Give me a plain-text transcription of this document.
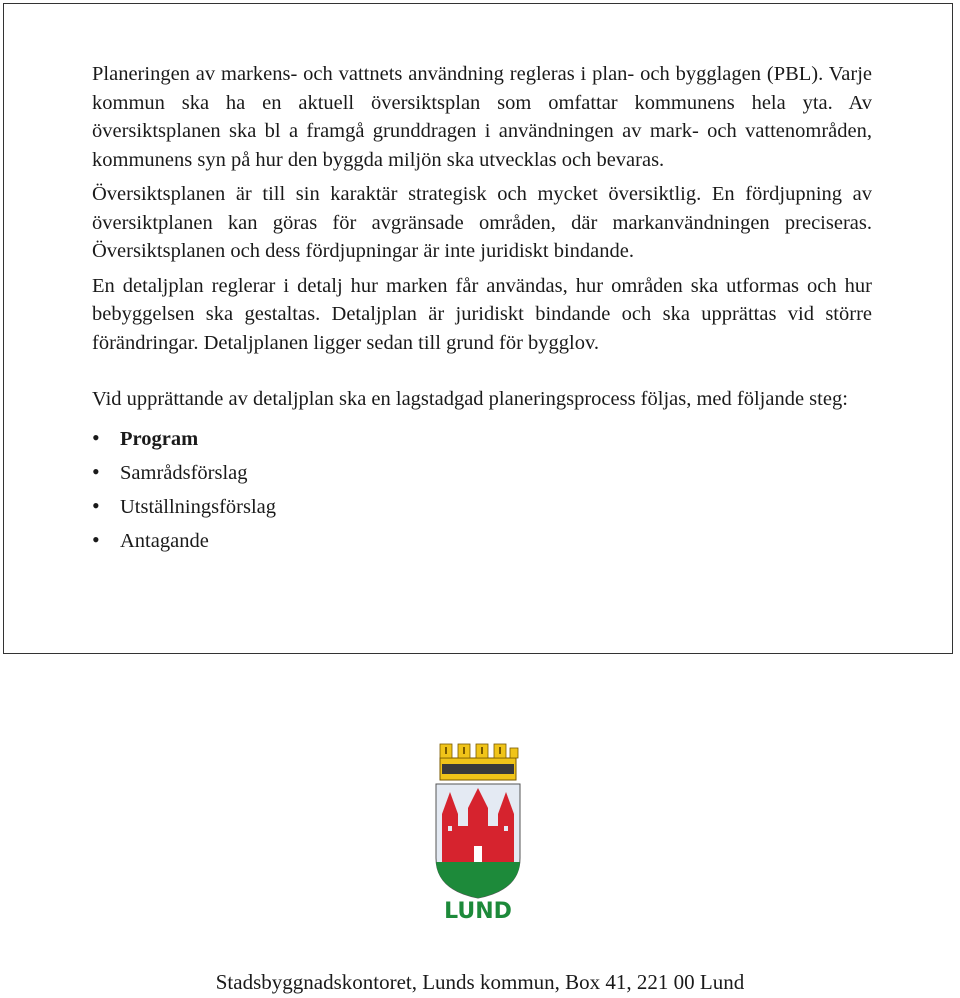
Planeringen av markens- och vattnets användning regleras i plan- och bygglagen (PBL). Varje kommun ska ha en aktuell översiktsplan som omfattar kommunens hela yta. Av översiktsplanen ska bl a framgå grunddragen i användningen av mark- och vattenområden, kommunens syn på hur den byggda miljön ska utvecklas och bevaras.

Översiktsplanen är till sin karaktär strategisk och mycket översiktlig. En fördjupning av översiktplanen kan göras för avgränsade områden, där markanvändningen preciseras. Översiktsplanen och dess fördjupningar är inte juridiskt bindande.

En detaljplan reglerar i detalj hur marken får användas, hur områden ska utformas och hur bebyggelsen ska gestaltas. Detaljplan är juridiskt bindande och ska upprättas vid större förändringar. Detaljplanen ligger sedan till grund för bygglov.

Vid upprättande av detaljplan ska en lagstadgad planeringsprocess följas, med följande steg:

• Program
• Samrådsförslag
• Utställningsförslag
• Antagande
LUND
Stadsbyggnadskontoret, Lunds kommun, Box 41, 221 00 Lund
